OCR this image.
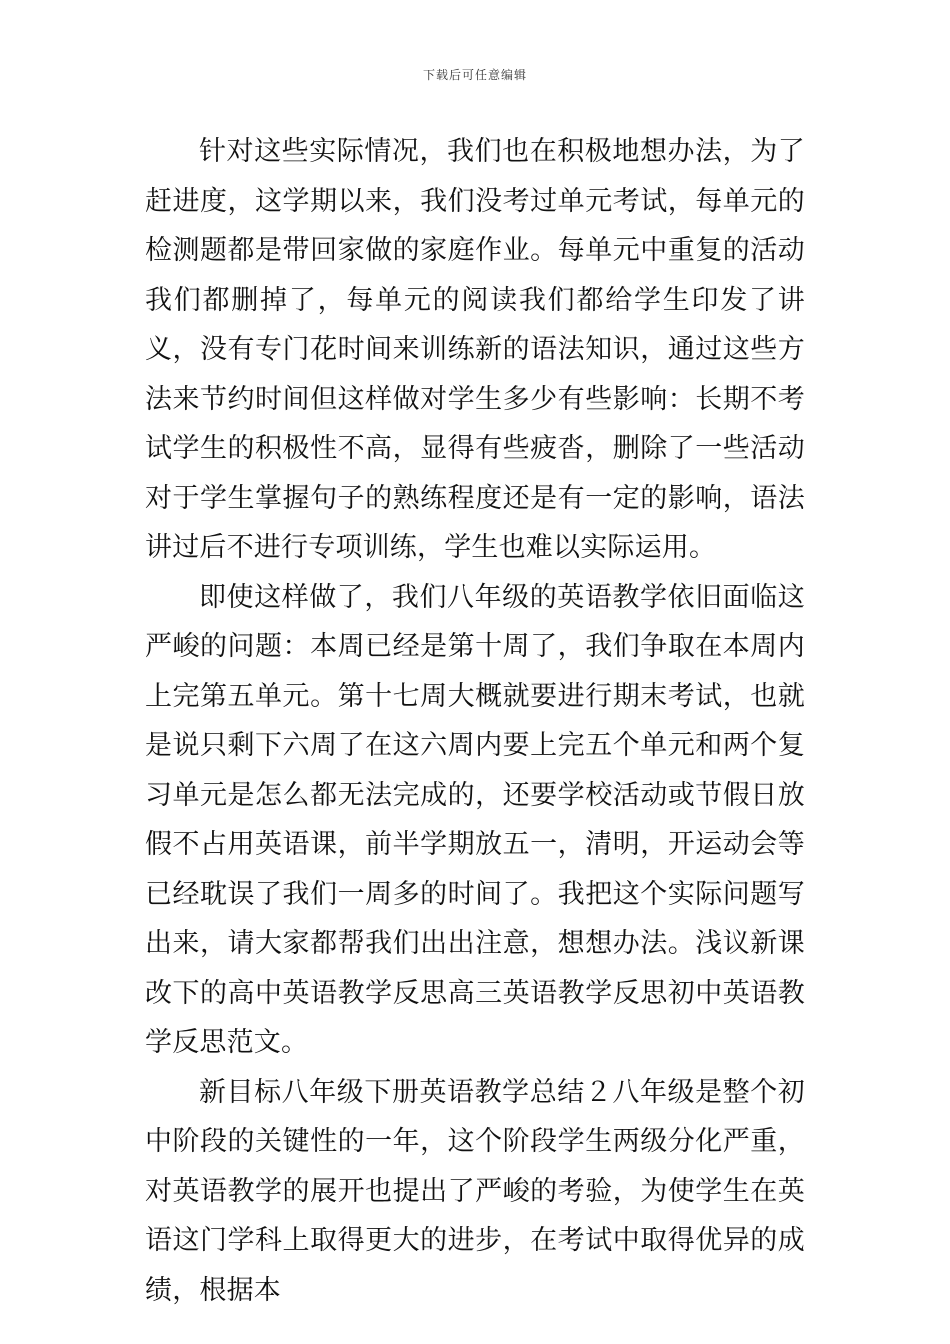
下载后可任意编辑

针对这些实际情况，我们也在积极地想办法，为了赶进度，这学期以来，我们没考过单元考试，每单元的检测题都是带回家做的家庭作业。每单元中重复的活动我们都删掉了，每单元的阅读我们都给学生印发了讲义，没有专门花时间来训练新的语法知识，通过这些方法来节约时间但这样做对学生多少有些影响：长期不考试学生的积极性不高，显得有些疲沓，删除了一些活动对于学生掌握句子的熟练程度还是有一定的影响，语法讲过后不进行专项训练，学生也难以实际运用。

即使这样做了，我们八年级的英语教学依旧面临这严峻的问题：本周已经是第十周了，我们争取在本周内上完第五单元。第十七周大概就要进行期末考试，也就是说只剩下六周了在这六周内要上完五个单元和两个复习单元是怎么都无法完成的，还要学校活动或节假日放假不占用英语课，前半学期放五一，清明，开运动会等已经耽误了我们一周多的时间了。我把这个实际问题写出来，请大家都帮我们出出注意，想想办法。浅议新课改下的高中英语教学反思高三英语教学反思初中英语教学反思范文。

新目标八年级下册英语教学总结２八年级是整个初中阶段的关键性的一年，这个阶段学生两级分化严重，对英语教学的展开也提出了严峻的考验，为使学生在英语这门学科上取得更大的进步，在考试中取得优异的成绩，根据本
